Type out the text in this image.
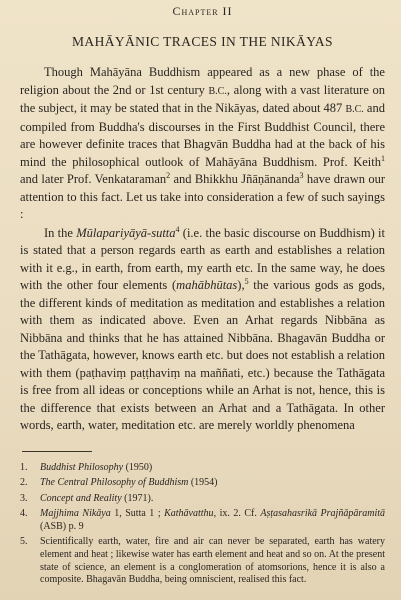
Chapter II
MAHĀYĀNIC TRACES IN THE NIKĀYAS

Though Mahāyāna Buddhism appeared as a new phase of the religion about the 2nd or 1st century B.C., along with a vast literature on the subject, it may be stated that in the Nikāyas, dated about 487 B.C. and compiled from Buddha's discourses in the First Buddhist Council, there are however definite traces that Bhagvān Buddha had at the back of his mind the philosophical outlook of Mahāyāna Buddhism. Prof. Keith$^1$ and later Prof. Venkataraman$^2$ and Bhikkhu Jñāṇānanda$^3$ have drawn our attention to this fact. Let us take into consideration a few of such sayings :

In the Mūlapariyāyā-sutta$^4$ (i.e. the basic discourse on Buddhism) it is stated that a person regards earth as earth and establishes a relation with it e.g., in earth, from earth, my earth etc. In the same way, he does with the other four elements (mahābhūtas),$^5$ the various gods as gods, the different kinds of meditation as meditation and establishes a relation with them as indicated above. Even an Arhat regards Nibbāna as Nibbāna and thinks that he has attained Nibbāna. Bhagavān Buddha or the Tathāgata, however, knows earth etc. but does not establish a relation with them (paṭhaviṃ paṭṭhaviṃ na maññati, etc.) because the Tathāgata is free from all ideas or conceptions while an Arhat is not, hence, this is the difference that exists between an Arhat and a Tathāgata. In other words, earth, water, meditation etc. are merely worldly phenomena

1.	Buddhist Philosophy (1950)
2.	The Central Philosophy of Buddhism (1954)
3.	Concept and Reality (1971).
4.	Majjhima Nikāya 1, Sutta 1 ; Kathāvatthu, ix. 2. Cf. Aṣṭasahasrikā Prajñāpāramitā (ASB) p. 9
5.	Scientifically earth, water, fire and air can never be separated, earth has watery element and heat ; likewise water has earth element and heat and so on. At the present state of science, an element is a conglomeration of atomsorions, hence it is also a composite. Bhagavān Buddha, being omniscient, realised this fact.
